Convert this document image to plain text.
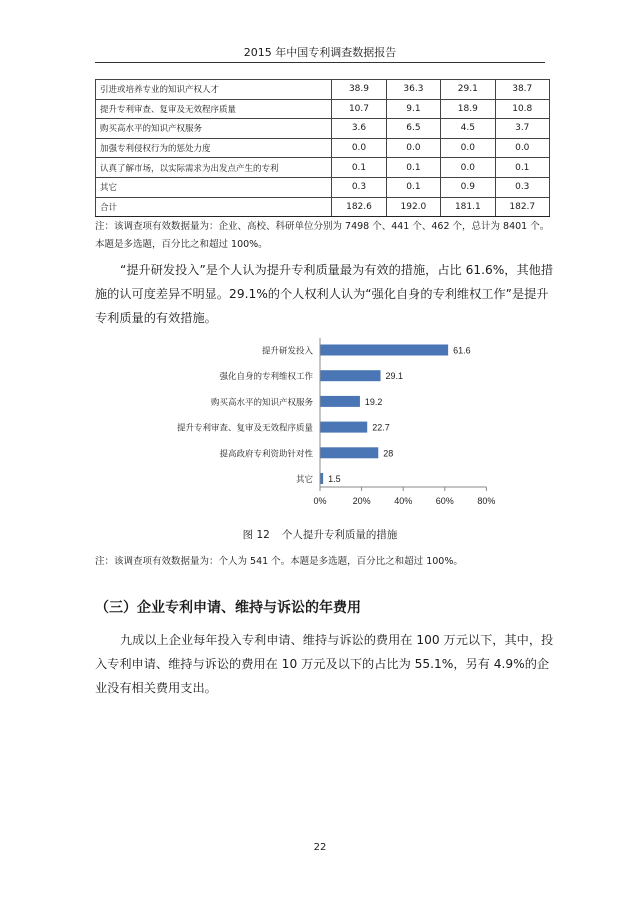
2015 年中国专利调查数据报告
引进或培养专业的知识产权人才	38.9	36.3	29.1	38.7
提升专利审查、复审及无效程序质量	10.7	9.1	18.9	10.8
购买高水平的知识产权服务	3.6	6.5	4.5	3.7
加强专利侵权行为的惩处力度	0.0	0.0	0.0	0.0
认真了解市场，以实际需求为出发点产生的专利	0.1	0.1	0.0	0.1
其它	0.3	0.1	0.9	0.3
合计	182.6	192.0	181.1	182.7
注：该调查项有效数据量为：企业、高校、科研单位分别为 7498 个、441 个、462 个，总计为 8401 个。本题是多选题，百分比之和超过 100%。

“提升研发投入”是个人认为提升专利质量最为有效的措施，占比 61.6%，其他措施的认可度差异不明显。29.1%的个人权利人认为“强化自身的专利维权工作”是提升专利质量的有效措施。

提升研发投入	61.6
强化自身的专利维权工作	29.1
购买高水平的知识产权服务	19.2
提升专利审查、复审及无效程序质量	22.7
提高政府专利资助针对性	28
其它 1.5
0%	20%	40%	60%	80%
图 12 个人提升专利质量的措施
注：该调查项有效数据量为：个人为 541 个。本题是多选题，百分比之和超过 100%。

（三）企业专利申请、维持与诉讼的年费用

九成以上企业每年投入专利申请、维持与诉讼的费用在 100 万元以下，其中，投入专利申请、维持与诉讼的费用在 10 万元及以下的占比为 55.1%，另有 4.9%的企业没有相关费用支出。

22
